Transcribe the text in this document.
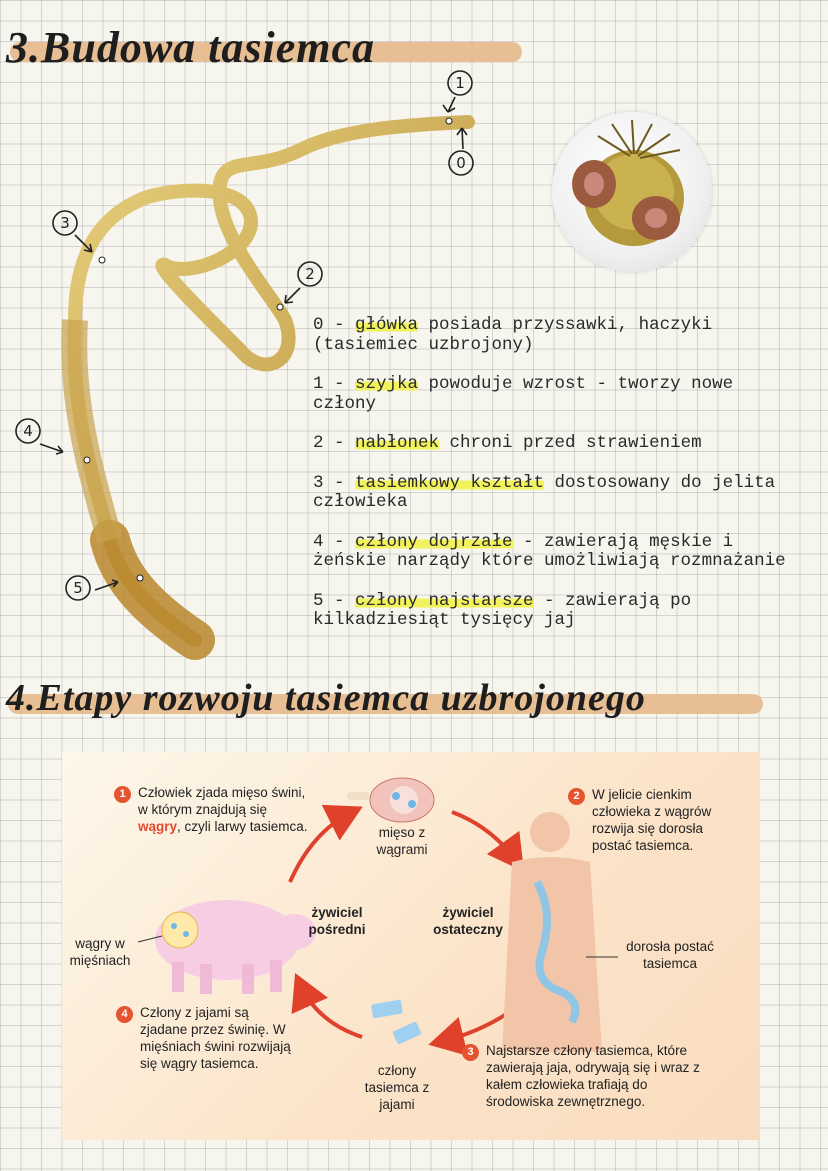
3.Budowa tasiemca
1
0
3
2
4
5
0 - główka posiada przyssawki, haczyki (tasiemiec uzbrojony)
1 - szyjka powoduje wzrost - tworzy nowe człony
2 - nabłonek chroni przed strawieniem
3 - tasiemkowy kształt dostosowany do jelita człowieka
4 - człony dojrzałe - zawierają męskie i żeńskie narządy które umożliwiają rozmnażanie
5 - człony najstarsze - zawierają po kilkadziesiąt tysięcy jaj
4.Etapy rozwoju tasiemca uzbrojonego
1 Człowiek zjada mięso świni, w którym znajdują się wągry, czyli larwy tasiemca.	mięso z wągrami
2 W jelicie cienkim człowieka z wągrów rozwija się dorosła postać tasiemca.
żywiciel pośredni
żywiciel ostateczny
wągry w mięśniach
dorosła postać tasiemca
4 Człony z jajami są zjadane przez świnię. W mięśniach świni rozwijają się wągry tasiemca.	człony tasiemca z jajami
3 Najstarsze człony tasiemca, które zawierają jaja, odrywają się i wraz z kałem człowieka trafiają do środowiska zewnętrznego.
